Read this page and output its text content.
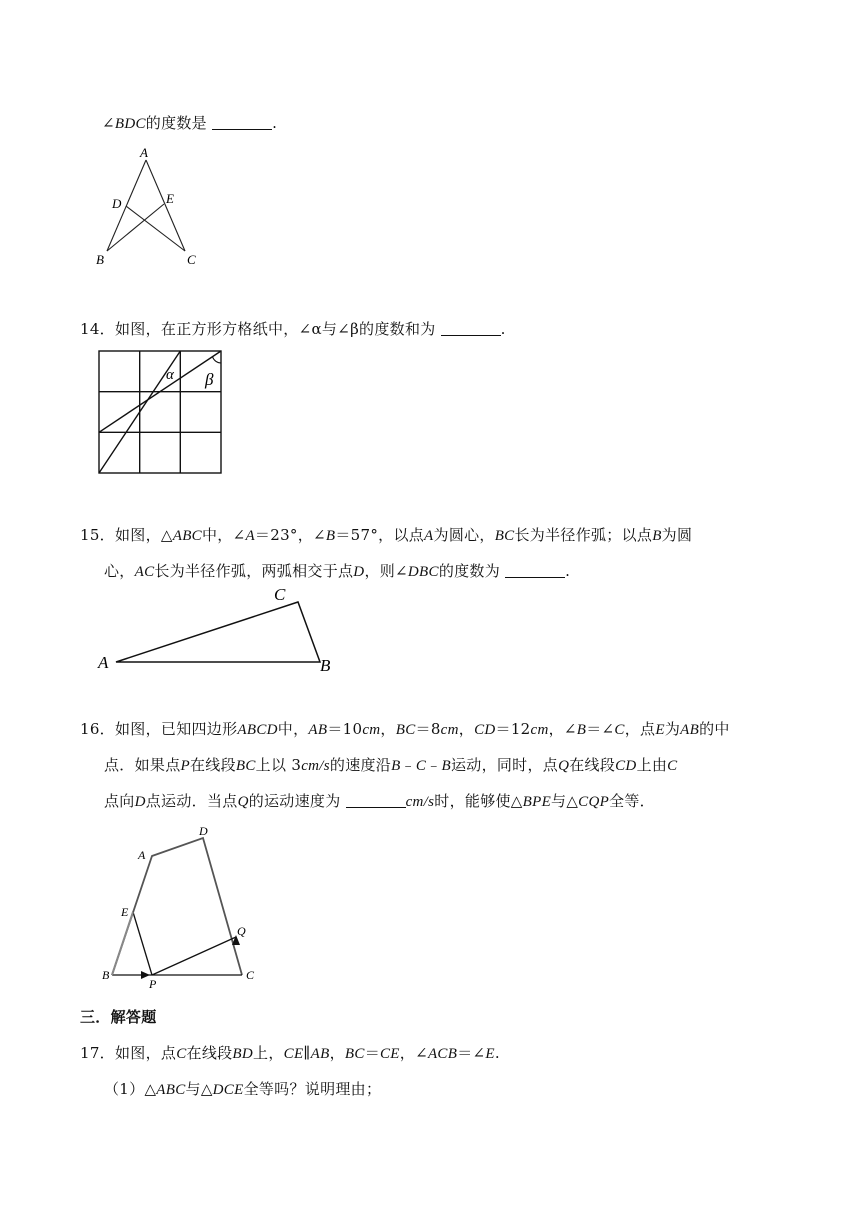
∠BDC的度数是	.
A
D	E
B	C
14．如图，在正方形方格纸中，∠α与∠β的度数和为	.
α β
15．如图，△ABC中，∠A＝23°，∠B＝57°，以点A为圆心，BC长为半径作弧；以点B为圆
心，AC长为半径作弧，两弧相交于点D，则∠DBC的度数为	.
A
C
B
16．如图，已知四边形ABCD中，AB＝10cm，BC＝8cm，CD＝12cm，∠B＝∠C，点E为AB的中
点．如果点P在线段BC上以 3cm/s的速度沿B﹣C﹣B运动，同时，点Q在线段CD上由C
点向D点运动．当点Q的运动速度为	cm/s时，能够使△BPE与△CQP全等．
A
D
E
B
P
C
Q
三．解答题
17．如图，点C在线段BD上，CE∥AB，BC＝CE，∠ACB＝∠E.
（1）△ABC与△DCE全等吗？说明理由；
